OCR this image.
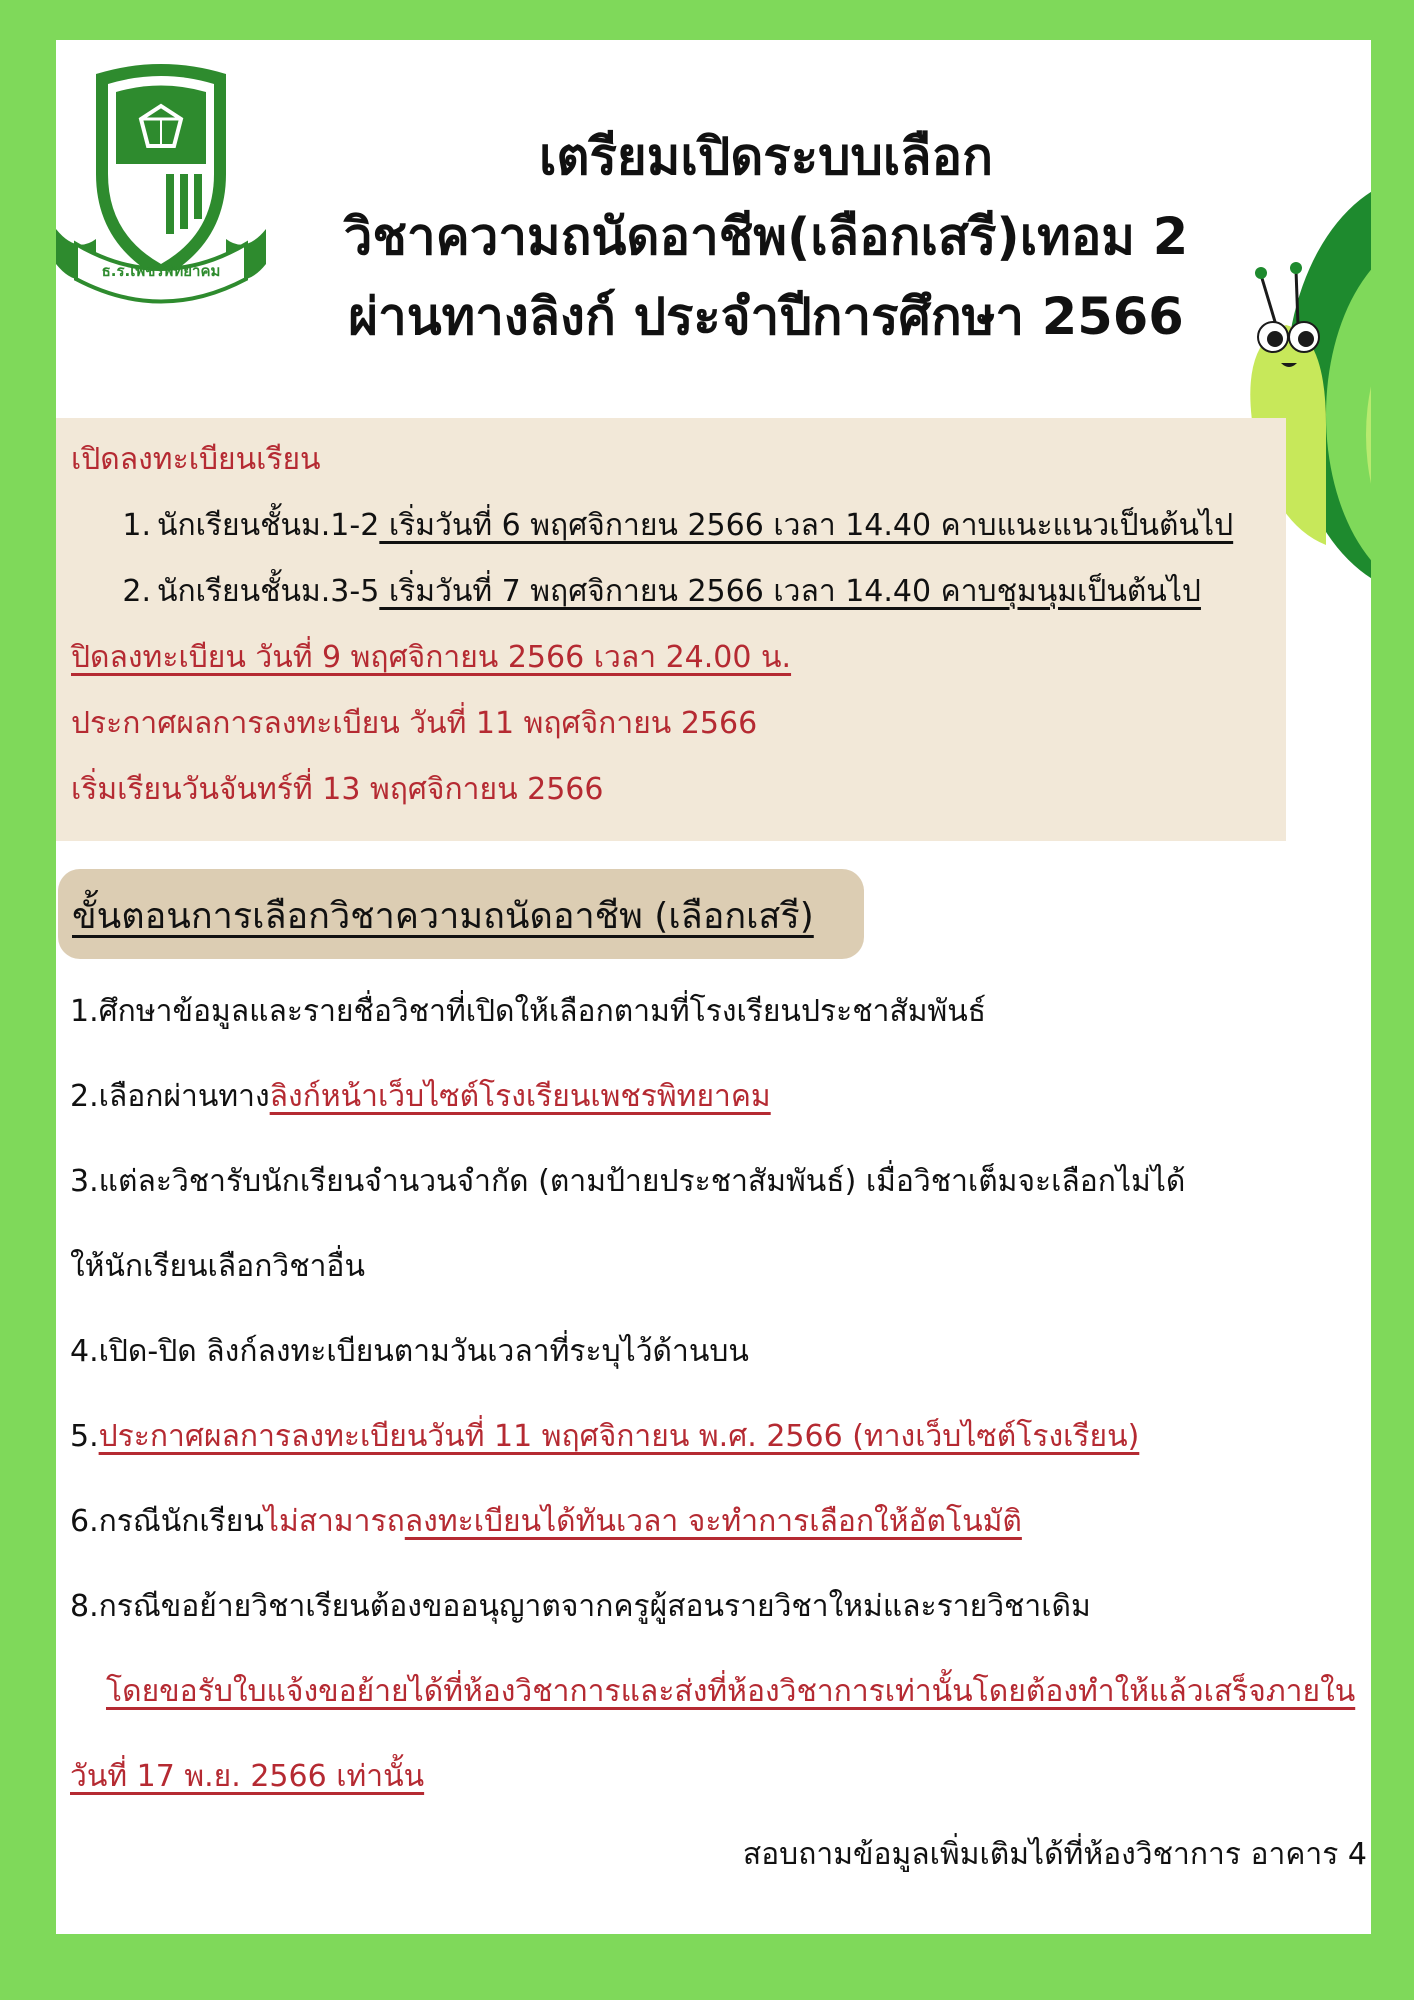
ธ.ร.เพชรพิทยาคม
เตรียมเปิดระบบเลือก
วิชาความถนัดอาชีพ(เลือกเสรี)เทอม 2
ผ่านทางลิงก์ ประจำปีการศึกษา 2566
เปิดลงทะเบียนเรียน
1. นักเรียนชั้นม.1-2 เริ่มวันที่ 6 พฤศจิกายน 2566 เวลา 14.40 คาบแนะแนวเป็นต้นไป
2. นักเรียนชั้นม.3-5 เริ่มวันที่ 7 พฤศจิกายน 2566 เวลา 14.40 คาบชุมนุมเป็นต้นไป
ปิดลงทะเบียน วันที่ 9 พฤศจิกายน 2566 เวลา 24.00 น.
ประกาศผลการลงทะเบียน วันที่ 11 พฤศจิกายน 2566
เริ่มเรียนวันจันทร์ที่ 13 พฤศจิกายน 2566
ขั้นตอนการเลือกวิชาความถนัดอาชีพ (เลือกเสรี)
1.ศึกษาข้อมูลและรายชื่อวิชาที่เปิดให้เลือกตามที่โรงเรียนประชาสัมพันธ์
2.เลือกผ่านทางลิงก์หน้าเว็บไซต์โรงเรียนเพชรพิทยาคม
3.แต่ละวิชารับนักเรียนจำนวนจำกัด (ตามป้ายประชาสัมพันธ์) เมื่อวิชาเต็มจะเลือกไม่ได้
ให้นักเรียนเลือกวิชาอื่น
4.เปิด-ปิด ลิงก์ลงทะเบียนตามวันเวลาที่ระบุไว้ด้านบน
5.ประกาศผลการลงทะเบียนวันที่ 11 พฤศจิกายน พ.ศ. 2566 (ทางเว็บไซต์โรงเรียน)
6.กรณีนักเรียนไม่สามารถลงทะเบียนได้ทันเวลา จะทำการเลือกให้อัตโนมัติ
8.กรณีขอย้ายวิชาเรียนต้องขออนุญาตจากครูผู้สอนรายวิชาใหม่และรายวิชาเดิม
โดยขอรับใบแจ้งขอย้ายได้ที่ห้องวิชาการและส่งที่ห้องวิชาการเท่านั้นโดยต้องทำให้แล้วเสร็จภายใน
วันที่ 17 พ.ย. 2566 เท่านั้น
สอบถามข้อมูลเพิ่มเติมได้ที่ห้องวิชาการ อาคาร 4
